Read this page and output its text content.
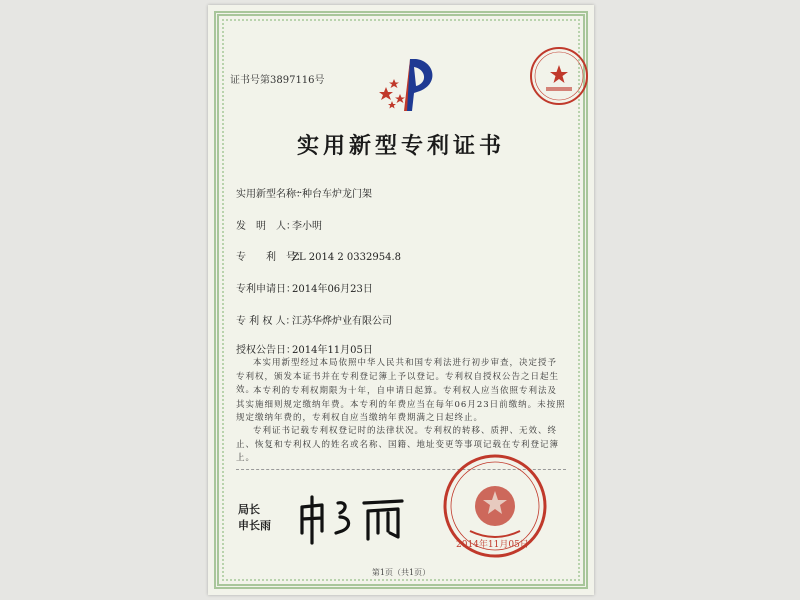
证书号第3897116号
实用新型专利证书
实用新型名称：一种台车炉龙门架
发　明　人：李小明
专　　利　号：ZL 2014 2 0332954.8
专利申请日：2014年06月23日
专 利 权 人：江苏华烨炉业有限公司
授权公告日：2014年11月05日
本实用新型经过本局依照中华人民共和国专利法进行初步审查，决定授予专利权，颁发本证书并在专利登记簿上予以登记。专利权自授权公告之日起生效。
本专利的专利权期限为十年，自申请日起算。专利权人应当依照专利法及其实施细则规定缴纳年费。本专利的年费应当在每年06月23日前缴纳。未按照规定缴纳年费的，专利权自应当缴纳年费期满之日起终止。
专利证书记载专利权登记时的法律状况。专利权的转移、质押、无效、终止、恢复和专利权人的姓名或名称、国籍、地址变更等事项记载在专利登记簿上。
局长
申长雨
2014年11月05日
第1页（共1页）
